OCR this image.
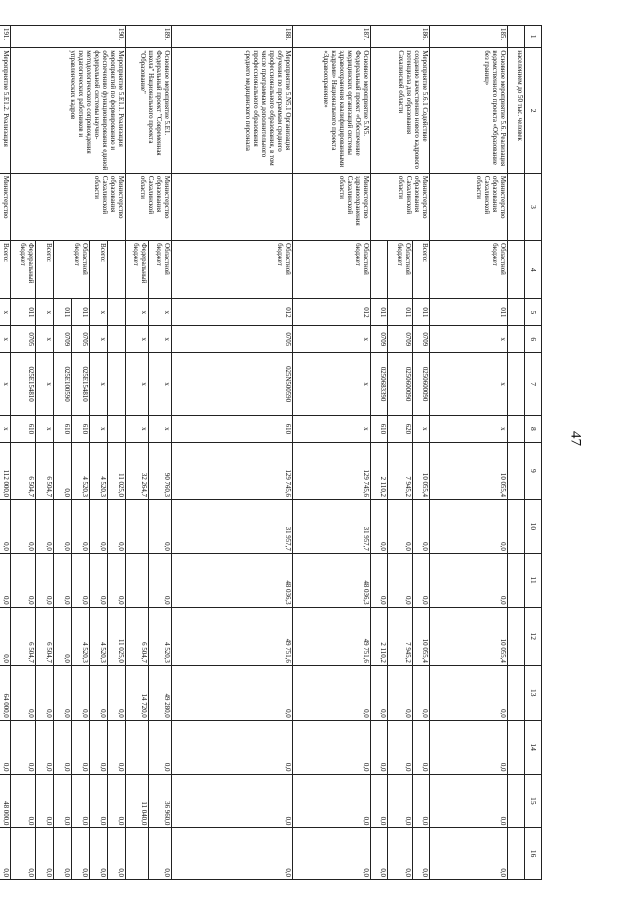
47
1	2	3	4	5	6	7	8	9	10	11	12	13	14	15	16
	населением до 50 тыс. человек														
185.	Основное мероприятие 5.6. Реализация ведомственного проекта «Образование без границ»	Министерство образования Сахалинской области	Областной бюджет	011	x	x	x	10 055,4	0,0	0,0	10 055,4	0,0	0,0	0,0	0,0
186.	Мероприятие 5.6.1 Содействие созданию качественно нового кадрового потенциала для образования Сахалинской области	Министерство образования Сахалинской области	Всего:	011	0709	0250600090	x	10 055,4	0,0	0,0	10 055,4	0,0	0,0	0,0	0,0
			Областной бюджет	011	0709	0250600090	620	7 945,2	0,0	0,0	7 945,2	0,0	0,0	0,0	0,0
				011	0709	0250683390	610	2 110,2	0,0	0,0	2 110,2	0,0	0,0	0,0	0,0
187.	Основное мероприятие 5.N5. Федеральный проект «Обеспечение медицинских организаций системы здравоохранения квалифицированными кадрами» Национального проекта «Здравоохранение»	Министерство здравоохранения Сахалинской области	Областной бюджет	012	x	x	x	129 745,6	31 957,7	48 036,3	49 751,6	0,0	0,0	0,0	0,0
188.	Мероприятие 5.N5.1 Организация обучения по программам среднего профессионального образования, в том числе программам дополнительного профессионального образования среднего медицинского персонала		Областной бюджет	012	0705	025N500590	610	129 745,6	31 957,7	48 036,3	49 751,6	0,0	0,0	0,0	0,0
189.	Основное мероприятие 5.E1. Федеральный проект "Современная школа" Национального проекта "Образование"	Министерство образования Сахалинской области	Областной бюджет	x	x	x	x	90 760,3	0,0	0,0	4 520,3	49 280,0	0,0	36 960,0	0,0
			Федеральный бюджет	x	x	x	x	32 264,7			6 504,7	14 720,0		11 040,0	
190.	Мероприятие 5.E1.1. Реализация мероприятий по формированию и обеспечению функционирования единой федеральной системы научно-методологического сопровождения педагогических работников и управленческих кадров	Министерство образования Сахалинской области						11 025,0	0,0	0,0	11 025,0	0,0	0,0	0,0	0,0
			Всего:	x	x	x	x	4 520,3	0,0	0,0	4 520,3	0,0	0,0	0,0	0,0
			Областной бюджет	011	0705	025E154810	610	4 520,3	0,0	0,0	4 520,3	0,0	0,0	0,0	0,0
				011	0709	025E100590	610	0,0	0,0	0,0	0,0	0,0	0,0	0,0	0,0
			Всего:	x	x	x	x	6 504,7	0,0	0,0	6 504,7	0,0	0,0	0,0	0,0
			Федеральный бюджет	011	0705	025E154810	610	6 504,7	0,0	0,0	6 504,7	0,0	0,0	0,0	0,0
191.	Мероприятие 5.E1.2. Реализация	Министерство	Всего:	x	x	x	x	112 000,0	0,0	0,0	0,0	64 000,0	0,0	48 000,0	0,0
